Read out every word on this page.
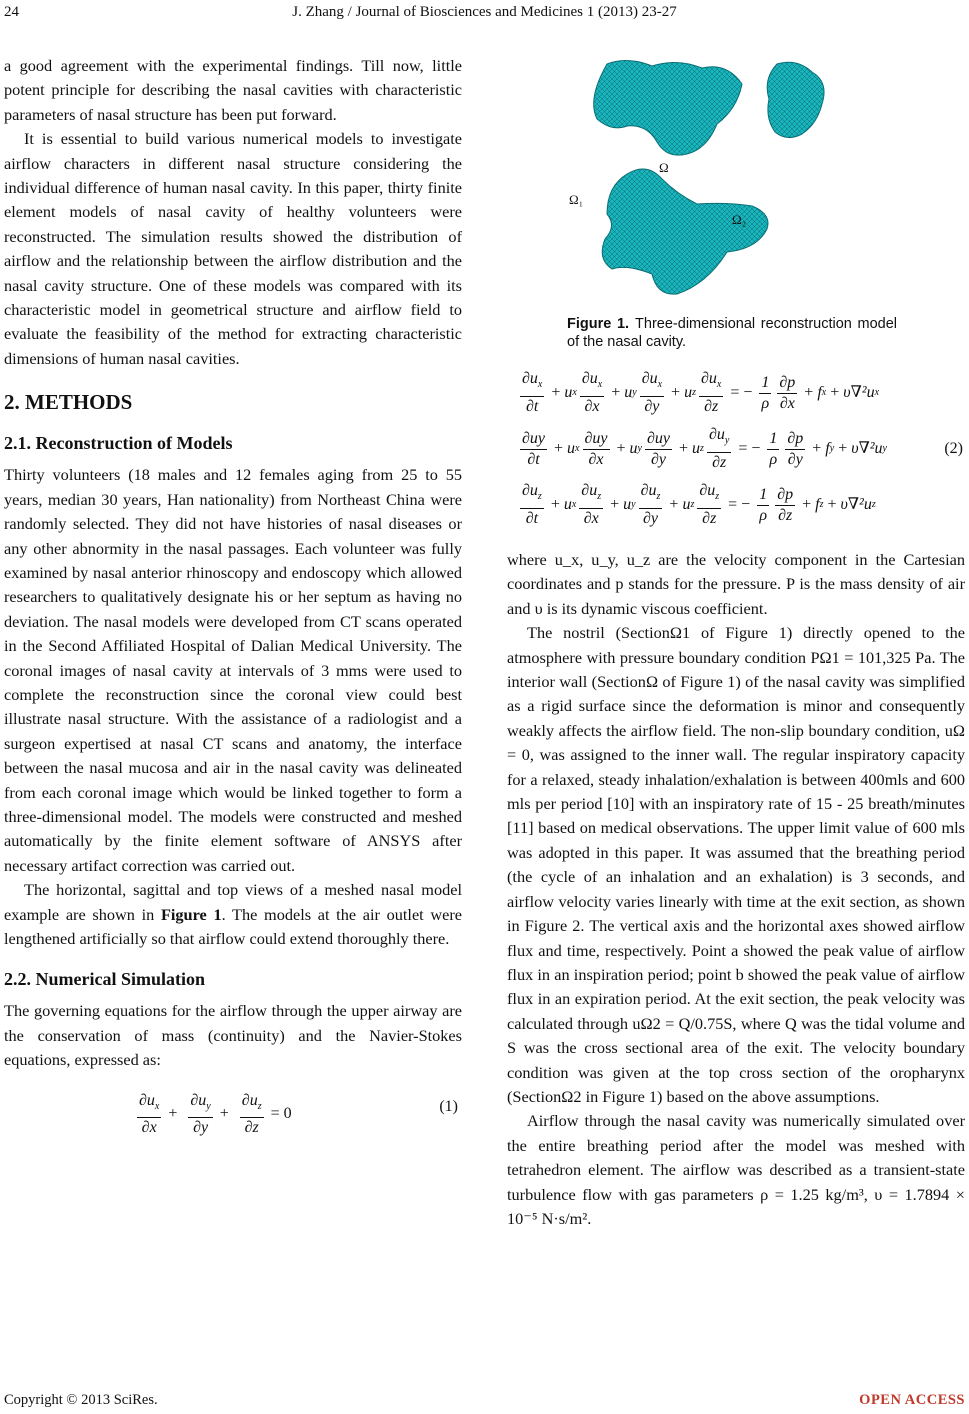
24	J. Zhang / Journal of Biosciences and Medicines 1 (2013) 23-27

a good agreement with the experimental findings. Till now, little potent principle for describing the nasal cavities with characteristic parameters of nasal structure has been put forward.

It is essential to build various numerical models to investigate airflow characters in different nasal structure considering the individual difference of human nasal cavity. In this paper, thirty finite element models of nasal cavity of healthy volunteers were reconstructed. The simulation results showed the distribution of airflow and the relationship between the airflow distribution and the nasal cavity structure. One of these models was compared with its characteristic model in geometrical structure and airflow field to evaluate the feasibility of the method for extracting characteristic dimensions of human nasal cavities.

2. METHODS
2.1. Reconstruction of Models

Thirty volunteers (18 males and 12 females aging from 25 to 55 years, median 30 years, Han nationality) from Northeast China were randomly selected. They did not have histories of nasal diseases or any other abnormity in the nasal passages. Each volunteer was fully examined by nasal anterior rhinoscopy and endoscopy which allowed researchers to qualitatively designate his or her septum as having no deviation. The nasal models were developed from CT scans operated in the Second Affiliated Hospital of Dalian Medical University. The coronal images of nasal cavity at intervals of 3 mms were used to complete the reconstruction since the coronal view could best illustrate nasal structure. With the assistance of a radiologist and a surgeon expertised at nasal CT scans and anatomy, the interface between the nasal mucosa and air in the nasal cavity was delineated from each coronal image which would be linked together to form a three-dimensional model. The models were constructed and meshed automatically by the finite element software of ANSYS after necessary artifact correction was carried out.

The horizontal, sagittal and top views of a meshed nasal model example are shown in Figure 1. The models at the air outlet were lengthened artificially so that airflow could extend thoroughly there.

2.2. Numerical Simulation

The governing equations for the airflow through the upper airway are the conservation of mass (continuity) and the Navier-Stokes equations, expressed as:

$\frac{\partial u_x}{\partial x} + \frac{\partial u_y}{\partial y} + \frac{\partial u_z}{\partial z} = 0$	(1)
Ω
Ω₁
Ω₂
Figure 1. Three-dimensional reconstruction model of the nasal cavity.
$\frac{\partial u_x}{\partial t} + u$ x $\frac{\partial u_x}{\partial x} + u$ y $\frac{\partial u_x}{\partial y} + u$ z $\frac{\partial u_x}{\partial z}$ = − $\frac{1}{\rho} \frac{\partial p}{\partial x} + f$ x + υ∇²u x
$\frac{\partial uy}{\partial t} + u$ x $\frac{\partial uy}{\partial x} + u$ y $\frac{\partial uy}{\partial y} + u$ z $\frac{\partial u_y}{\partial z}$ = − $\frac{1}{\rho} \frac{\partial p}{\partial y} + f$ y + υ∇²u y
$\frac{\partial u_z}{\partial t} + u$ x $\frac{\partial u_z}{\partial x} + u$ y $\frac{\partial u_z}{\partial y} + u$ z $\frac{\partial u_z}{\partial z}$ = − $\frac{1}{\rho} \frac{\partial p}{\partial z} + f$ z + υ∇²u z
(2)

where u_x, u_y, u_z are the velocity component in the Cartesian coordinates and p stands for the pressure. P is the mass density of air and υ is its dynamic viscous coefficient.

The nostril (SectionΩ1 of Figure 1) directly opened to the atmosphere with pressure boundary condition PΩ1 = 101,325 Pa. The interior wall (SectionΩ of Figure 1) of the nasal cavity was simplified as a rigid surface since the deformation is minor and consequently weakly affects the airflow field. The non-slip boundary condition, uΩ = 0, was assigned to the inner wall. The regular inspiratory capacity for a relaxed, steady inhalation/exhalation is between 400mls and 600 mls per period [10] with an inspiratory rate of 15 - 25 breath/minutes [11] based on medical observations. The upper limit value of 600 mls was adopted in this paper. It was assumed that the breathing period (the cycle of an inhalation and an exhalation) is 3 seconds, and airflow velocity varies linearly with time at the exit section, as shown in Figure 2. The vertical axis and the horizontal axes showed airflow flux and time, respectively. Point a showed the peak value of airflow flux in an inspiration period; point b showed the peak value of airflow flux in an expiration period. At the exit section, the peak velocity was calculated through uΩ2 = Q/0.75S, where Q was the tidal volume and S was the cross sectional area of the exit. The velocity boundary condition was given at the top cross section of the oropharynx (SectionΩ2 in Figure 1) based on the above assumptions.

Airflow through the nasal cavity was numerically simulated over the entire breathing period after the model was meshed with tetrahedron element. The airflow was described as a transient-state turbulence flow with gas parameters ρ = 1.25 kg/m³, υ = 1.7894 × 10⁻⁵ N·s/m².

Copyright © 2013 SciRes.	OPEN ACCESS
